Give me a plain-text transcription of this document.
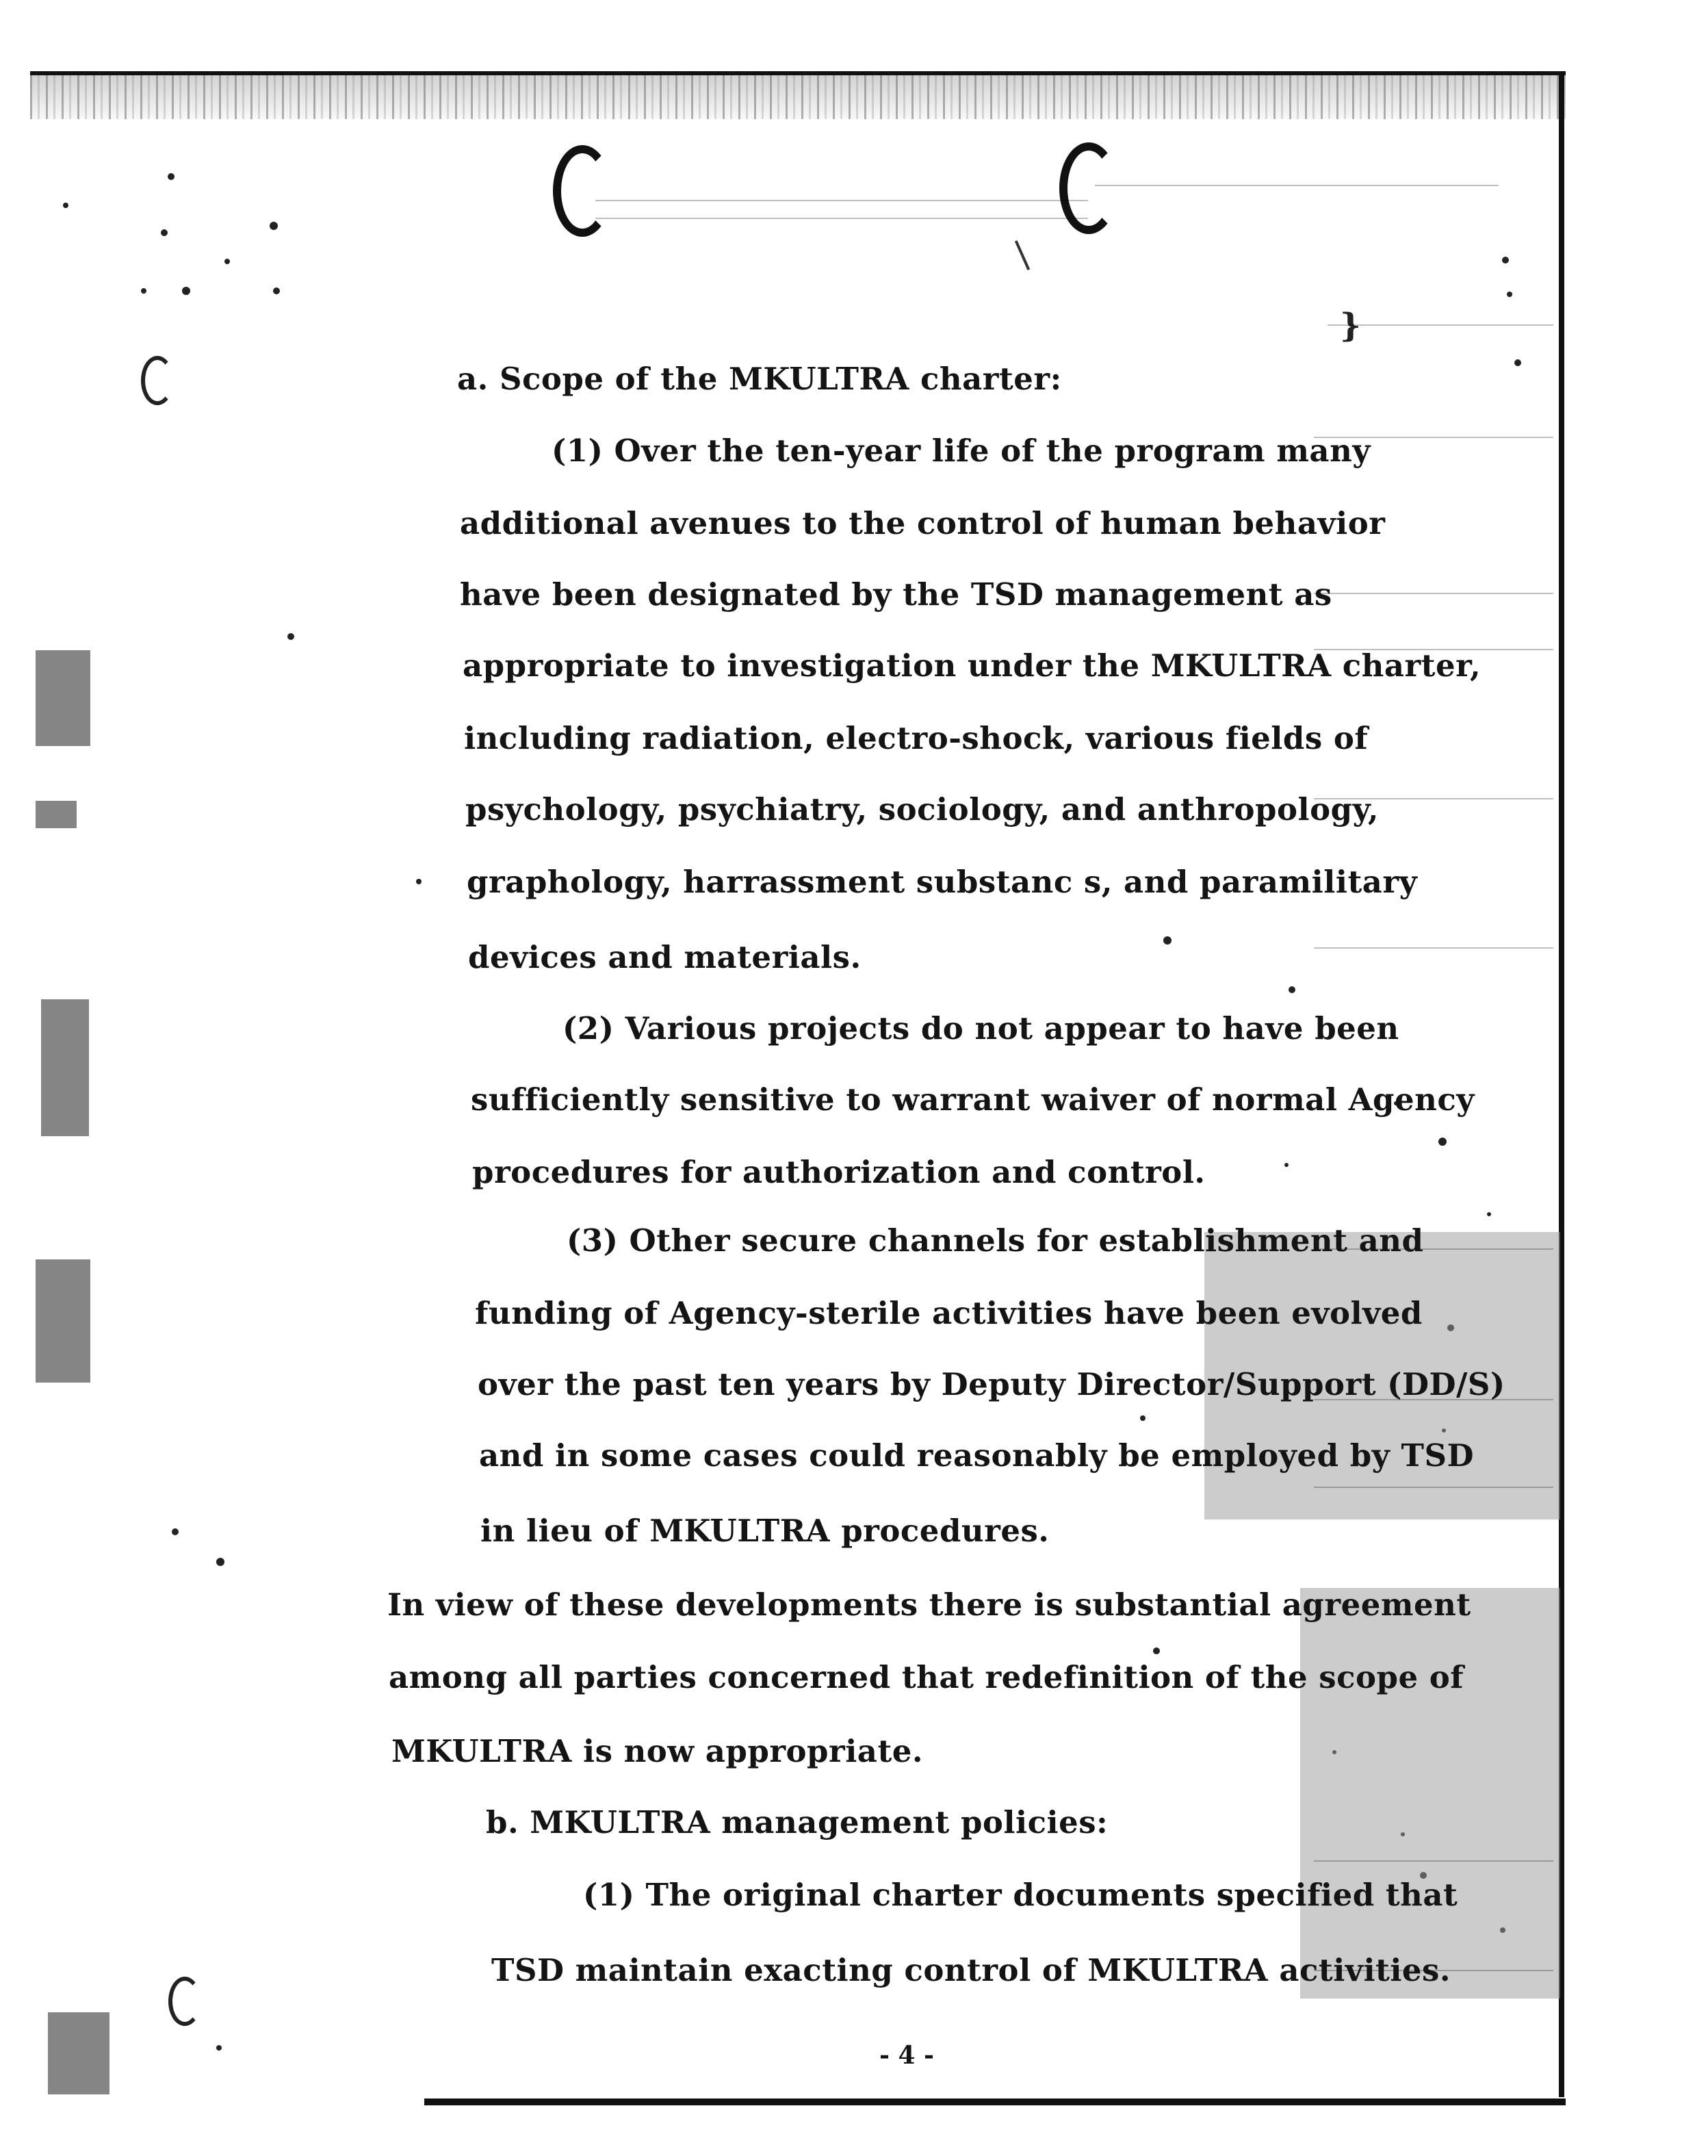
}

a. Scope of the MKULTRA charter:

(1) Over the ten-year life of the program many

additional avenues to the control of human behavior

have been designated by the TSD management as

appropriate to investigation under the MKULTRA charter,

including radiation, electro-shock, various fields of

psychology, psychiatry, sociology, and anthropology,

graphology, harrassment substanc s, and paramilitary

devices and materials.

(2) Various projects do not appear to have been

sufficiently sensitive to warrant waiver of normal Agency

procedures for authorization and control.

(3) Other secure channels for establishment and

funding of Agency-sterile activities have been evolved

over the past ten years by Deputy Director/Support (DD/S)

and in some cases could reasonably be employed by TSD

in lieu of MKULTRA procedures.

In view of these developments there is substantial agreement

among all parties concerned that redefinition of the scope of

MKULTRA is now appropriate.

b. MKULTRA management policies:

(1) The original charter documents specified that

TSD maintain exacting control of MKULTRA activities.

- 4 -
